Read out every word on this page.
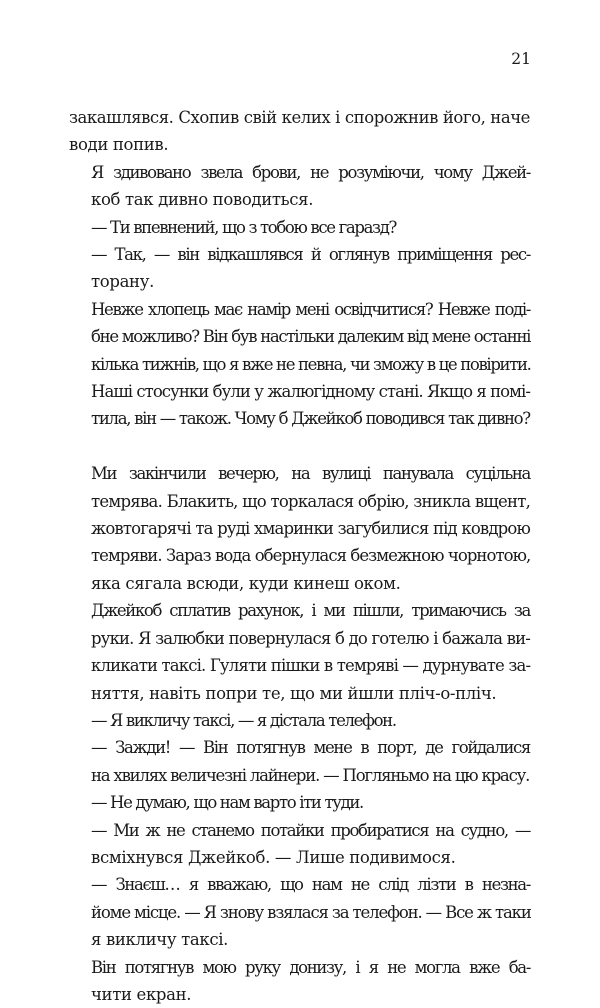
21

закашлявся. Схопив свій келих і спорожнив його, наче
води попив.

Я здивовано звела брови, не розуміючи, чому Джей-
коб так дивно поводиться.

— Ти впевнений, що з тобою все гаразд?

— Так, — він відкашлявся й оглянув приміщення рес-
торану.

Невже хлопець має намір мені освідчитися? Невже поді-
бне можливо? Він був настільки далеким від мене останні
кілька тижнів, що я вже не певна, чи зможу в це повірити.
Наші стосунки були у жалюгідному стані. Якщо я помі-
тила, він — також. Чому б Джейкоб поводився так дивно?

Ми закінчили вечерю, на вулиці панувала суцільна
темрява. Блакить, що торкалася обрію, зникла вщент,
жовтогарячі та руді хмаринки загубилися під ковдрою
темряви. Зараз вода обернулася безмежною чорнотою,
яка сягала всюди, куди кинеш оком.

Джейкоб сплатив рахунок, і ми пішли, тримаючись за
руки. Я залюбки повернулася б до готелю і бажала ви-
кликати таксі. Гуляти пішки в темряві — дурнувате за-
няття, навіть попри те, що ми йшли пліч-о-пліч.

— Я викличу таксі, — я дістала телефон.

— Зажди! — Він потягнув мене в порт, де гойдалися
на хвилях величезні лайнери. — Погляньмо на цю красу.

— Не думаю, що нам варто іти туди.

— Ми ж не станемо потайки пробиратися на судно, —
всміхнувся Джейкоб. — Лише подивимося.

— Знаєш… я вважаю, що нам не слід лізти в незна-
йоме місце. — Я знову взялася за телефон. — Все ж таки
я викличу таксі.

Він потягнув мою руку донизу, і я не могла вже ба-
чити екран.
